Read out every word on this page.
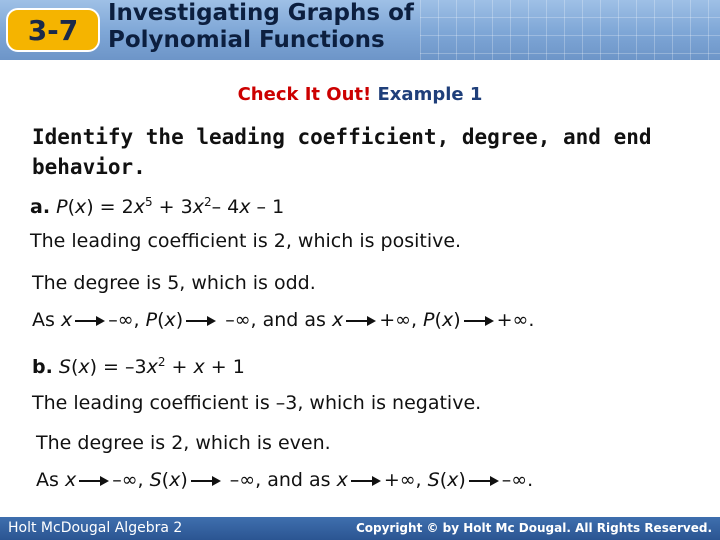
3-7
Investigating Graphs of
Polynomial Functions
Check It Out! Example 1
Identify the leading coefficient, degree, and end behavior.
a. $P(x) = 2x^5 + 3x^2-$ 4x – 1
The leading coefficient is 2, which is positive.
The degree is 5, which is odd.
As x –∞, P(x)
–∞, and as x +∞, P(x) +∞.
b. $S(x) = -3x^2 + x + 1$
The leading coefficient is –3, which is negative.
The degree is 2, which is even.
As x –∞, S(x)
–∞, and as x +∞, S(x) –∞.
Holt McDougal Algebra 2	Copyright © by Holt Mc Dougal. All Rights Reserved.
